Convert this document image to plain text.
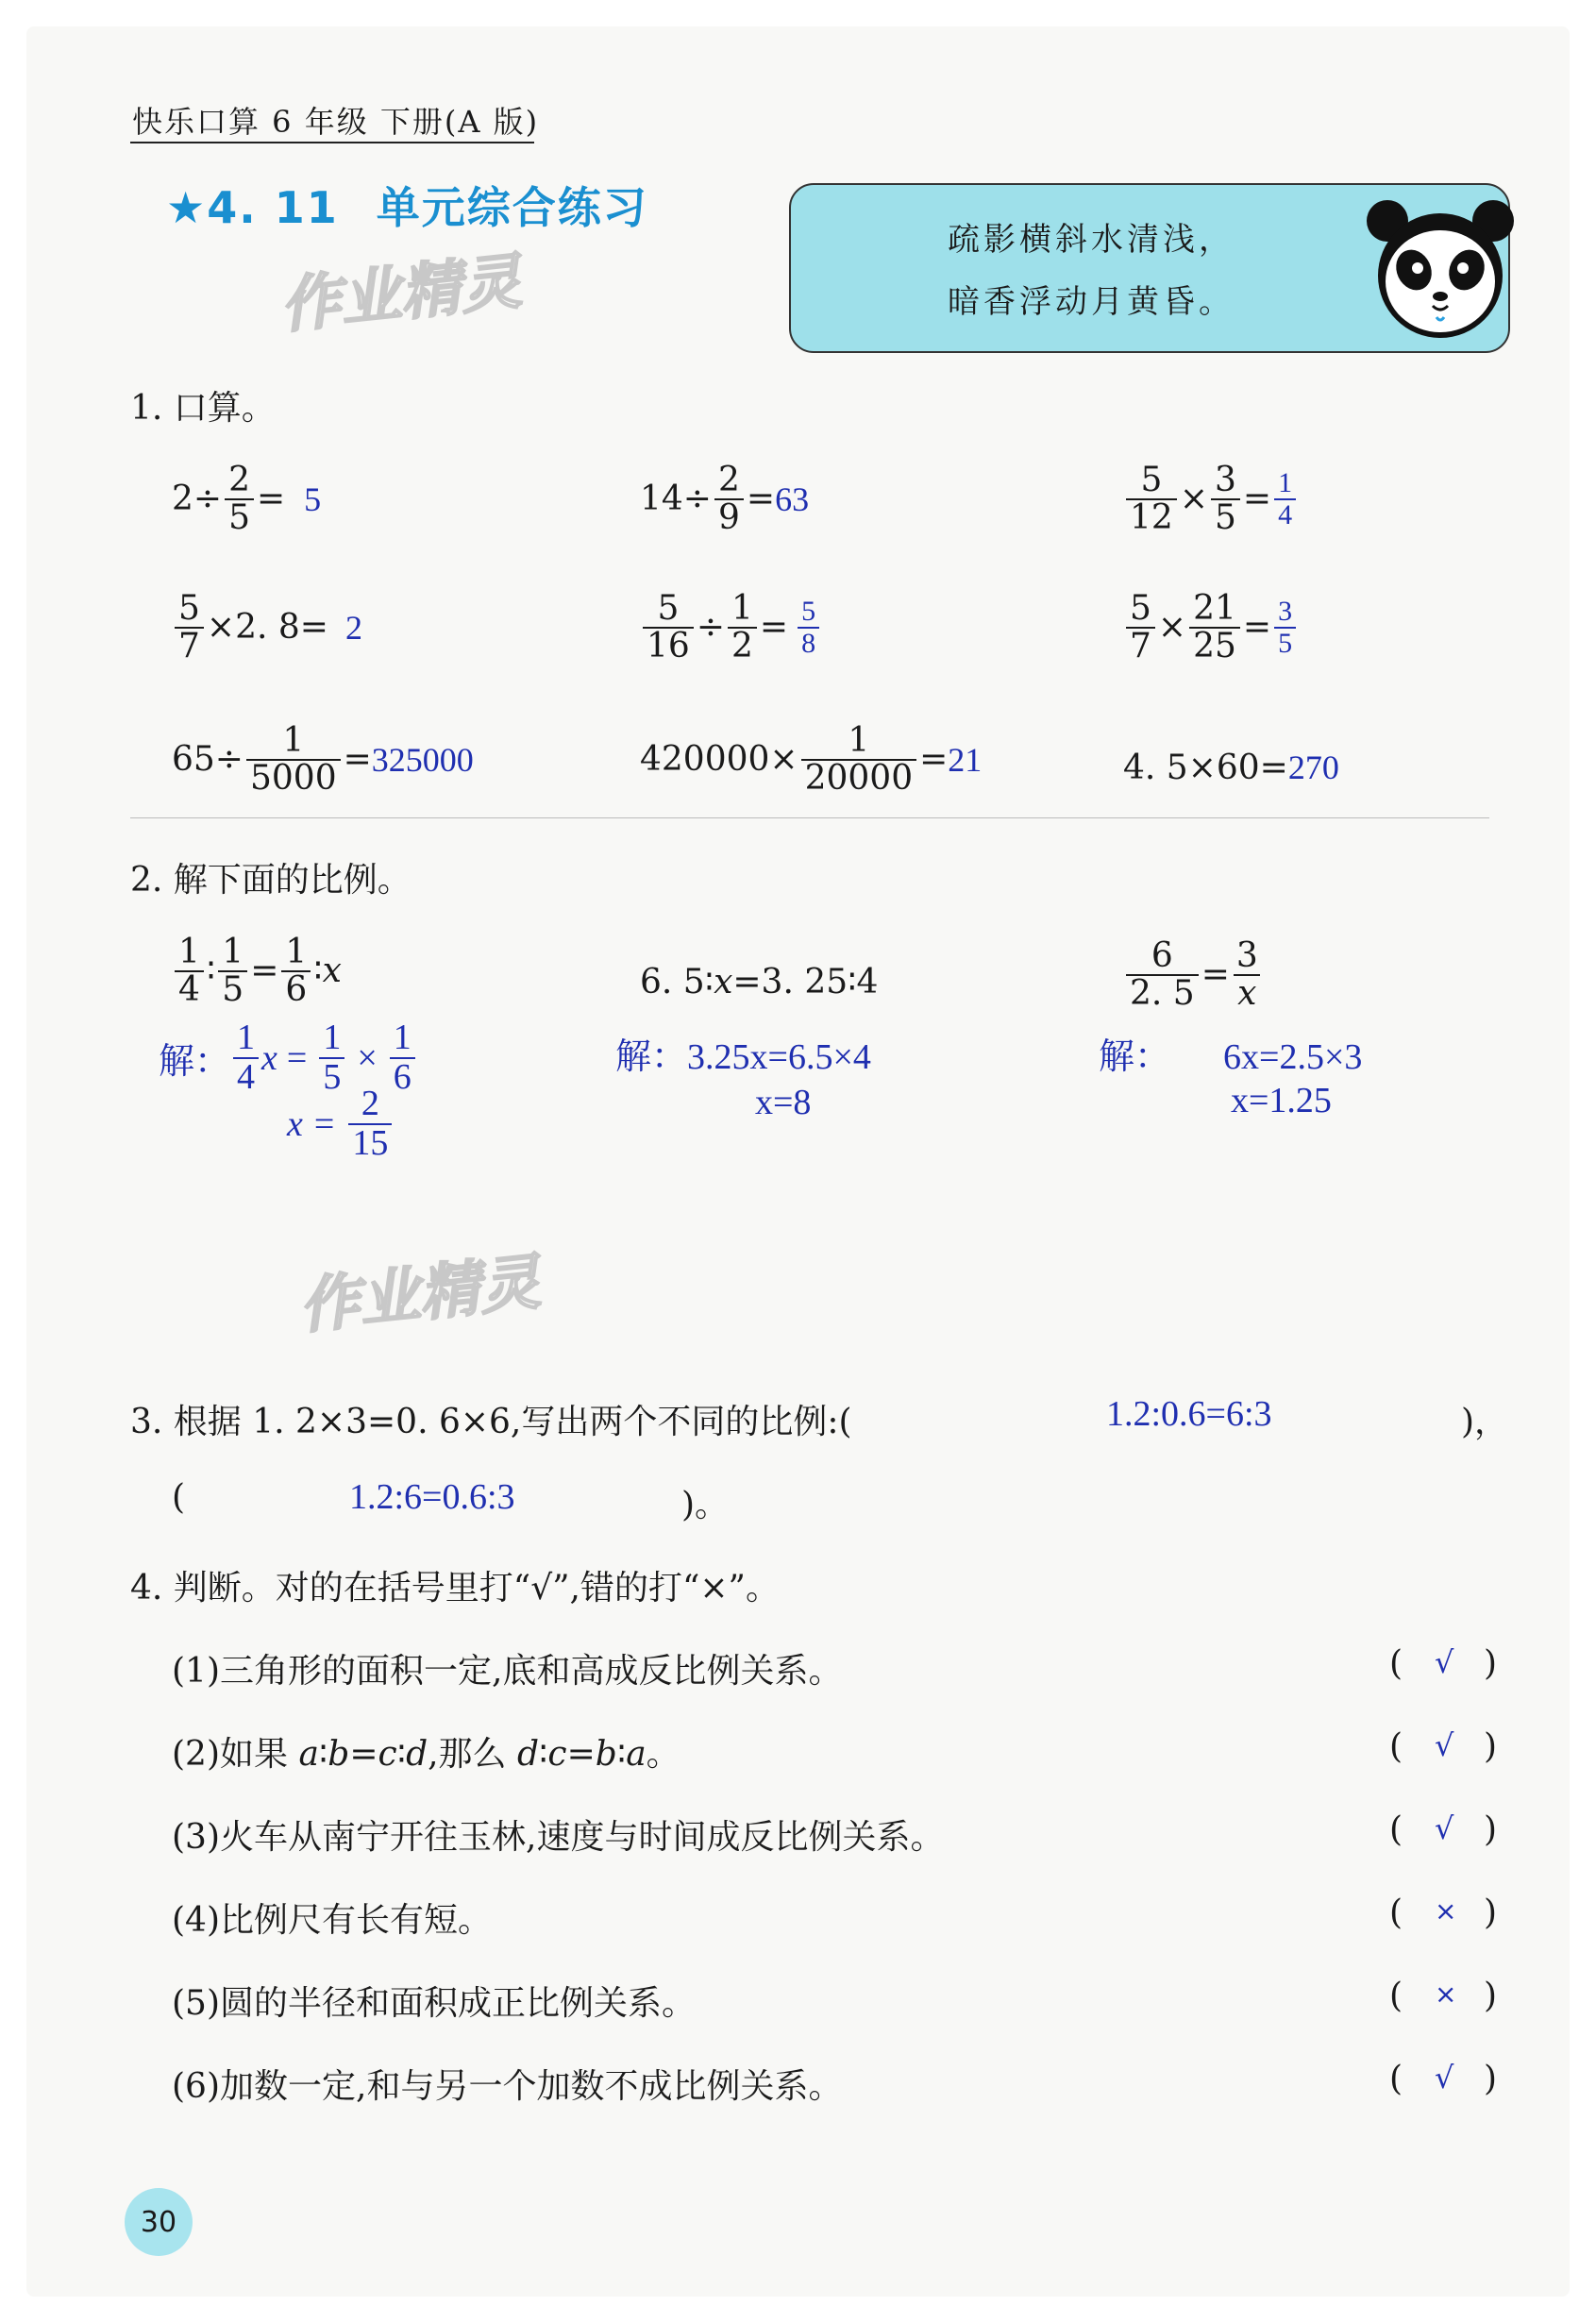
快乐口算 6 年级 下册(A 版)
★4. 11 单元综合练习
作业精灵
作业精灵
疏影横斜水清浅，
暗香浮动月黄昏。
1. 口算。
$2\div \frac{2}{5} = 5$	$14\div \frac{2}{9} = 63$	$\frac{5}{12} \times \frac{3}{5} = \frac{1}{4}$
$\frac{5}{7} \times 2$. 8= 2	$\frac{5}{16} \div \frac{1}{2} = \frac{5}{8}$	$\frac{5}{7} \times \frac{21}{25} = \frac{3}{5}$
$65\div \frac{1}{5000} = 325000$	$420000\times \frac{1}{20000} = 21$	4. 5×60= 270
2. 解下面的比例。
$\frac{1}{4}$ ∶ $\frac{1}{5} = \frac{1}{6}$ ∶ x
解： $\frac{1}{4}$ $x = \frac{1}{5} \times \frac{1}{6}$
$x = \frac{2}{15}$
6. 5∶ x =3. 25∶4
解：3.25x=6.5×4
x=8
$\frac{6}{2. 5} = \frac{3}{x}$
解： 6x=2.5×3
x=1.25
3. 根据 1. 2×3=0. 6×6,写出两个不同的比例:(	1.2:0.6=6:3	)，
(	1.2:6=0.6:3	)。
4. 判断。对的在括号里打“√”,错的打“×”。
(1)三角形的面积一定,底和高成反比例关系。	( √ )
(2)如果 a∶b=c∶d,那么 d∶c=b∶a。	( √ )
(3)火车从南宁开往玉林,速度与时间成反比例关系。	( √ )
(4)比例尺有长有短。	( × )
(5)圆的半径和面积成正比例关系。	( × )
(6)加数一定,和与另一个加数不成比例关系。	( √ )
30
